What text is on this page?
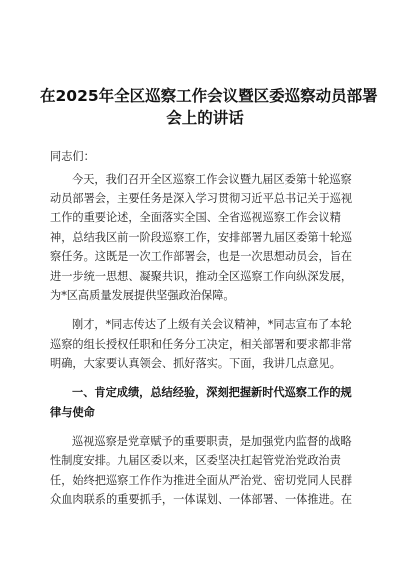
在2025年全区巡察工作会议暨区委巡察动员部署
会上的讲话
同志们：
今天，我们召开全区巡察工作会议暨九届区委第十轮巡察
动员部署会，主要任务是深入学习贯彻习近平总书记关于巡视
工作的重要论述，全面落实全国、全省巡视巡察工作会议精
神，总结我区前一阶段巡察工作，安排部署九届区委第十轮巡
察任务。这既是一次工作部署会，也是一次思想动员会，旨在
进一步统一思想、凝聚共识，推动全区巡察工作向纵深发展，
为*区高质量发展提供坚强政治保障。
刚才，*同志传达了上级有关会议精神，*同志宣布了本轮
巡察的组长授权任职和任务分工决定，相关部署和要求都非常
明确，大家要认真领会、抓好落实。下面，我讲几点意见。
一、肯定成绩，总结经验，深刻把握新时代巡察工作的规
律与使命
巡视巡察是党章赋予的重要职责，是加强党内监督的战略
性制度安排。九届区委以来，区委坚决扛起管党治党政治责
任，始终把巡察工作作为推进全面从严治党、密切党同人民群
众血肉联系的重要抓手，一体谋划、一体部署、一体推进。在
